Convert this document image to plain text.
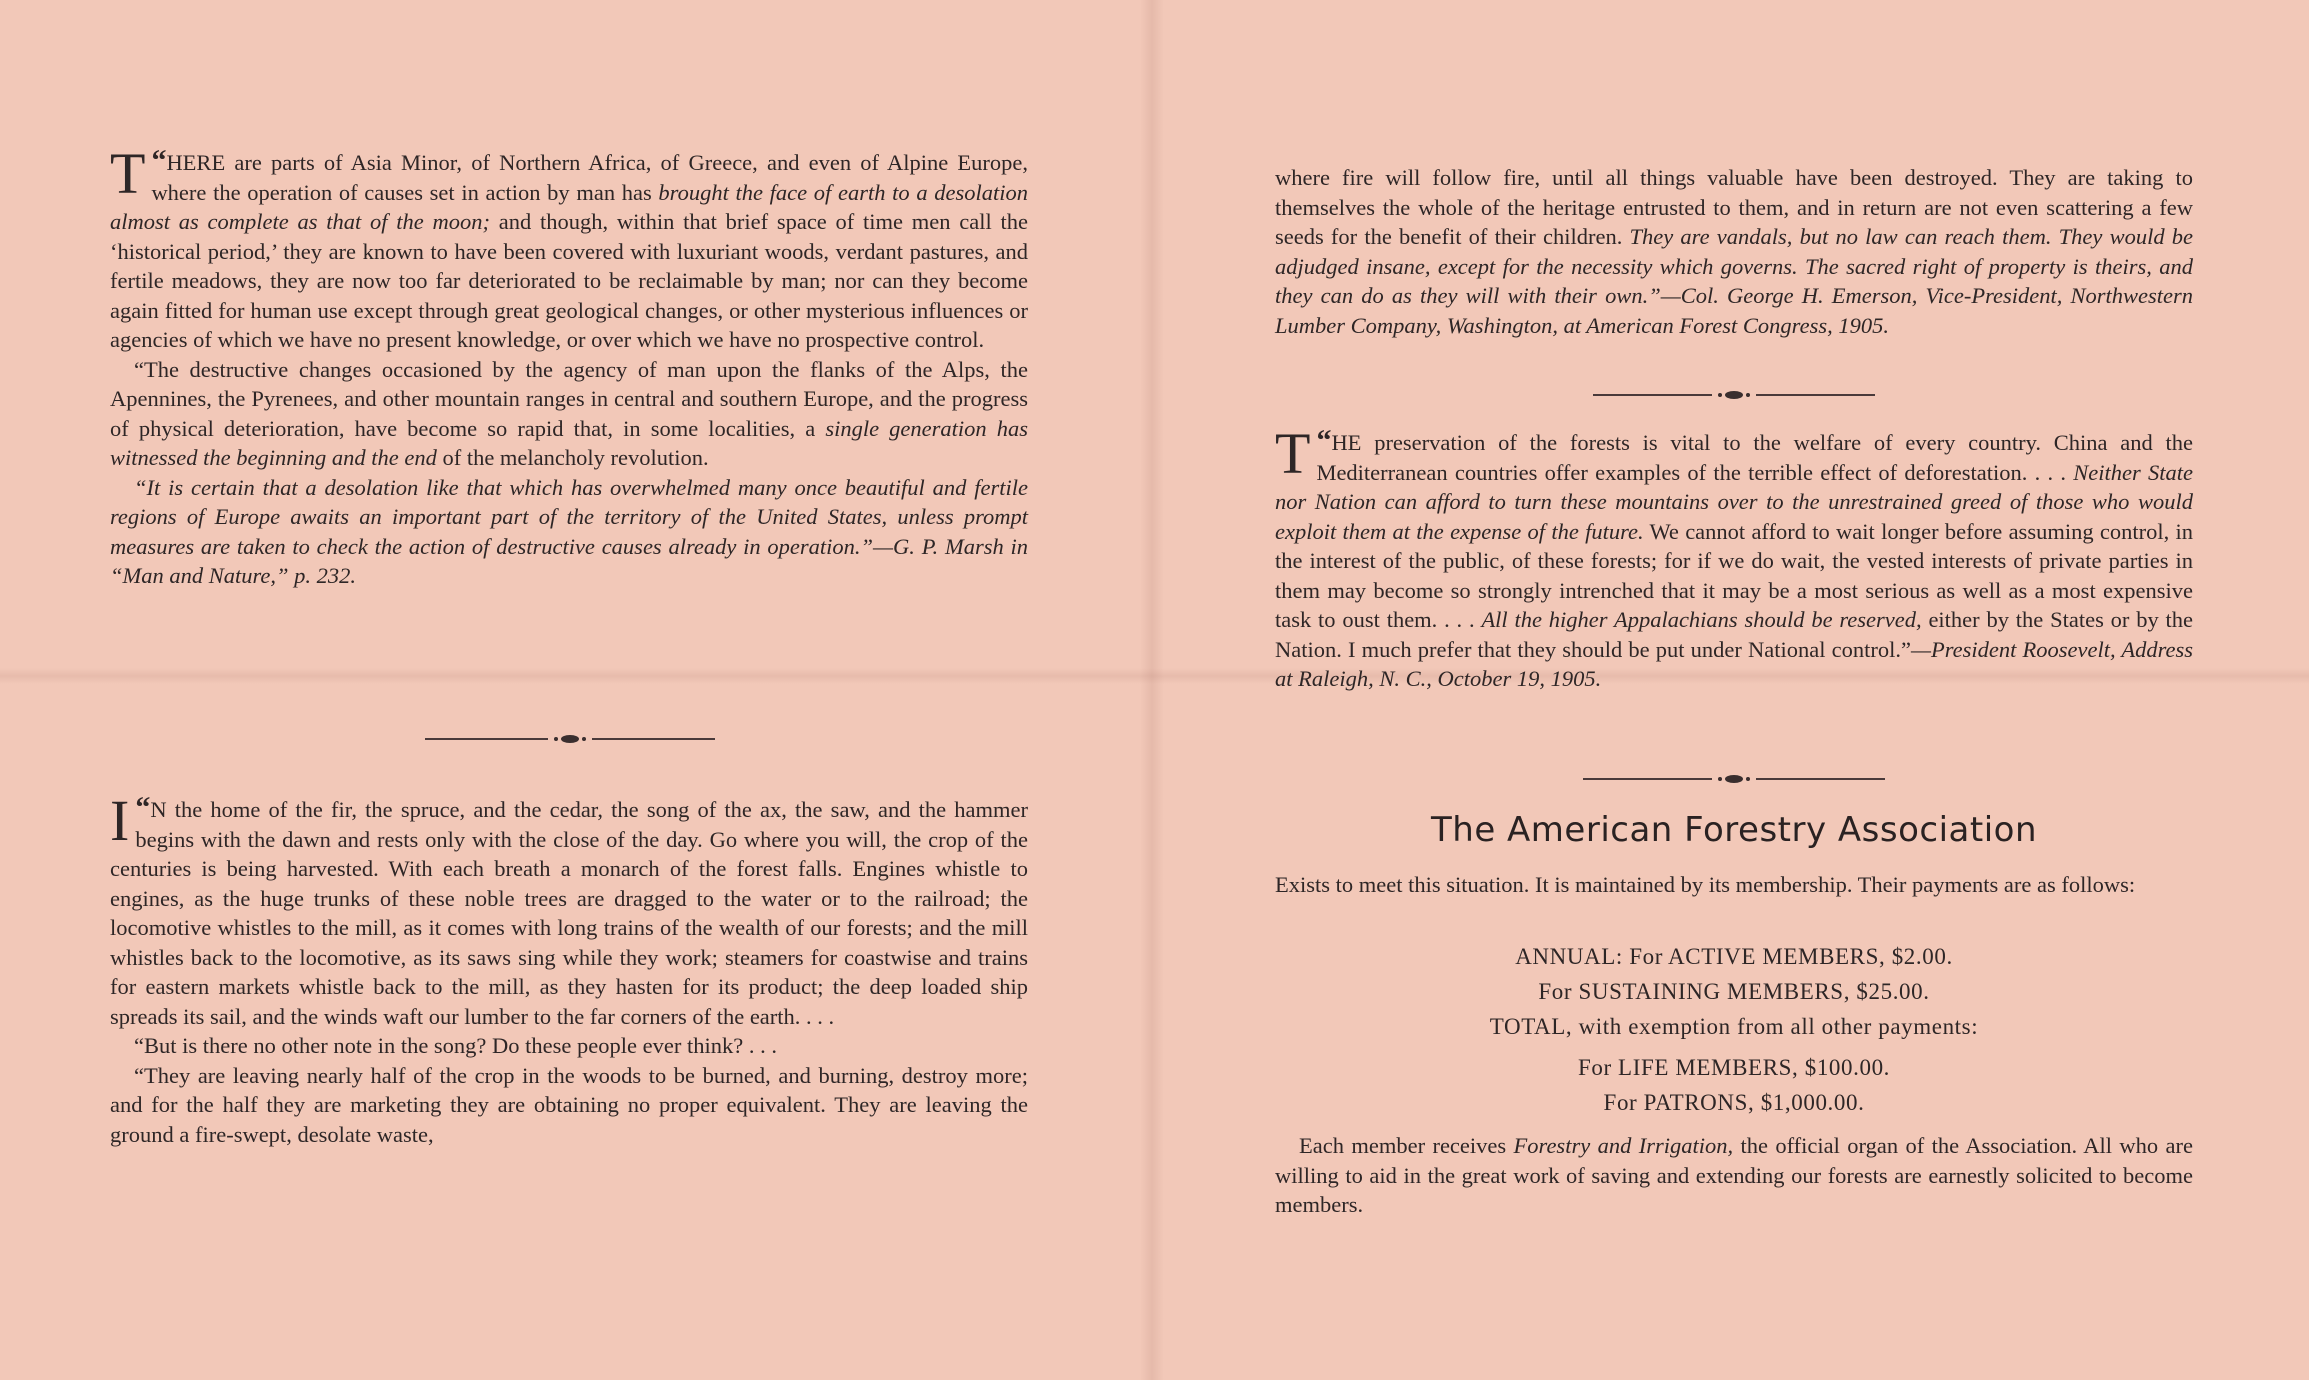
“
T HERE are parts of Asia Minor, of Northern Africa, of Greece, and even of Alpine Europe, where the operation of causes set in action by man has brought the face of earth to a desolation almost as complete as that of the moon; and though, within that brief space of time men call the ‘historical period,’ they are known to have been covered with luxuriant woods, verdant pastures, and fertile meadows, they are now too far deteriorated to be reclaimable by man; nor can they become again fitted for human use except through great geological changes, or other mysterious influences or agencies of which we have no present knowledge, or over which we have no prospective control.

“The destructive changes occasioned by the agency of man upon the flanks of the Alps, the Apennines, the Pyrenees, and other mountain ranges in central and southern Europe, and the progress of physical deterioration, have become so rapid that, in some localities, a single generation has witnessed the beginning and the end of the melancholy revolution.

“It is certain that a desolation like that which has overwhelmed many once beautiful and fertile regions of Europe awaits an important part of the territory of the United States, unless prompt measures are taken to check the action of destructive causes already in operation.”—G. P. Marsh in “Man and Nature,” p. 232.

“
I N the home of the fir, the spruce, and the cedar, the song of the ax, the saw, and the hammer begins with the dawn and rests only with the close of the day. Go where you will, the crop of the centuries is being harvested. With each breath a monarch of the forest falls. Engines whistle to engines, as the huge trunks of these noble trees are dragged to the water or to the railroad; the locomotive whistles to the mill, as it comes with long trains of the wealth of our forests; and the mill whistles back to the locomotive, as its saws sing while they work; steamers for coastwise and trains for eastern markets whistle back to the mill, as they hasten for its product; the deep loaded ship spreads its sail, and the winds waft our lumber to the far corners of the earth. . . .

“But is there no other note in the song? Do these people ever think? . . .

“They are leaving nearly half of the crop in the woods to be burned, and burning, destroy more; and for the half they are marketing they are obtaining no proper equivalent. They are leaving the ground a fire-swept, desolate waste,

where fire will follow fire, until all things valuable have been destroyed. They are taking to themselves the whole of the heritage entrusted to them, and in return are not even scattering a few seeds for the benefit of their children. They are vandals, but no law can reach them. They would be adjudged insane, except for the necessity which governs. The sacred right of property is theirs, and they can do as they will with their own.”—Col. George H. Emerson, Vice-President, Northwestern Lumber Company, Washington, at American Forest Congress, 1905.

“
T HE preservation of the forests is vital to the welfare of every country. China and the Mediterranean countries offer examples of the terrible effect of deforestation. . . . Neither State nor Nation can afford to turn these mountains over to the unrestrained greed of those who would exploit them at the expense of the future. We cannot afford to wait longer before assuming control, in the interest of the public, of these forests; for if we do wait, the vested interests of private parties in them may become so strongly intrenched that it may be a most serious as well as a most expensive task to oust them. . . . All the higher Appalachians should be reserved, either by the States or by the Nation. I much prefer that they should be put under National control.”—President Roosevelt, Address at Raleigh, N. C., October 19, 1905.

The American Forestry Association

Exists to meet this situation. It is maintained by its membership. Their payments are as follows:

ANNUAL: For ACTIVE MEMBERS, $2.00.
For SUSTAINING MEMBERS, $25.00.
TOTAL, with exemption from all other payments:
For LIFE MEMBERS, $100.00.
For PATRONS, $1,000.00.

Each member receives Forestry and Irrigation, the official organ of the Association. All who are willing to aid in the great work of saving and extending our forests are earnestly solicited to become members.
